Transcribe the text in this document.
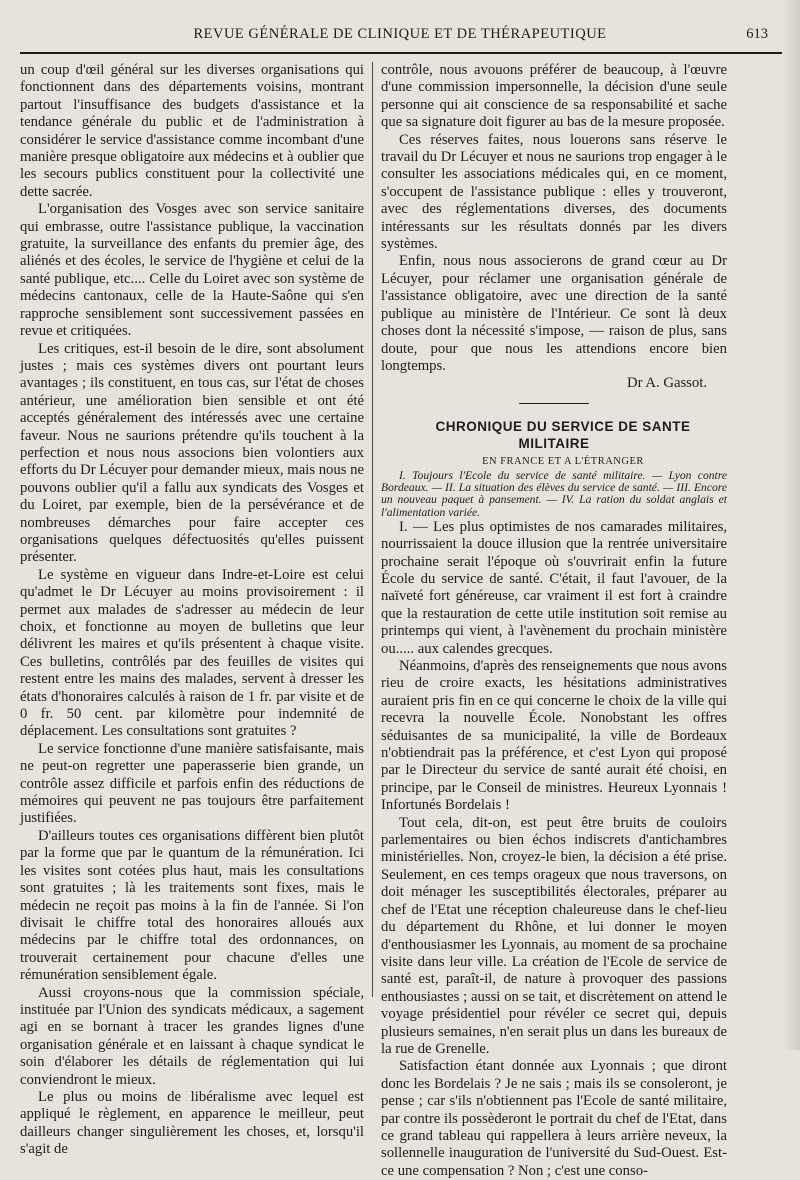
REVUE GÉNÉRALE DE CLINIQUE ET DE THÉRAPEUTIQUE	613

un coup d'œil général sur les diverses organisations qui fonctionnent dans des départements voisins, montrant partout l'insuffisance des budgets d'assistance et la tendance générale du public et de l'administration à considérer le service d'assistance comme incombant d'une manière presque obligatoire aux médecins et à oublier que les secours publics constituent pour la collectivité une dette sacrée.

L'organisation des Vosges avec son service sanitaire qui embrasse, outre l'assistance publique, la vaccination gratuite, la surveillance des enfants du premier âge, des aliénés et des écoles, le service de l'hygiène et celui de la santé publique, etc.... Celle du Loiret avec son système de médecins cantonaux, celle de la Haute-Saône qui s'en rapproche sensiblement sont successivement passées en revue et critiquées.

Les critiques, est-il besoin de le dire, sont absolument justes ; mais ces systèmes divers ont pourtant leurs avantages ; ils constituent, en tous cas, sur l'état de choses antérieur, une amélioration bien sensible et ont été acceptés généralement des intéressés avec une certaine faveur. Nous ne saurions prétendre qu'ils touchent à la perfection et nous nous associons bien volontiers aux efforts du Dr Lécuyer pour demander mieux, mais nous ne pouvons oublier qu'il a fallu aux syndicats des Vosges et du Loiret, par exemple, bien de la persévérance et de nombreuses démarches pour faire accepter ces organisations quelques défectuosités qu'elles puissent présenter.

Le système en vigueur dans Indre-et-Loire est celui qu'admet le Dr Lécuyer au moins provisoirement : il permet aux malades de s'adresser au médecin de leur choix, et fonctionne au moyen de bulletins que leur délivrent les maires et qu'ils présentent à chaque visite. Ces bulletins, contrôlés par des feuilles de visites qui restent entre les mains des malades, servent à dresser les états d'honoraires calculés à raison de 1 fr. par visite et de 0 fr. 50 cent. par kilomètre pour indemnité de déplacement. Les consultations sont gratuites ?

Le service fonctionne d'une manière satisfaisante, mais ne peut-on regretter une paperasserie bien grande, un contrôle assez difficile et parfois enfin des réductions de mémoires qui peuvent ne pas toujours être parfaitement justifiées.

D'ailleurs toutes ces organisations diffèrent bien plutôt par la forme que par le quantum de la rémunération. Ici les visites sont cotées plus haut, mais les consultations sont gratuites ; là les traitements sont fixes, mais le médecin ne reçoit pas moins à la fin de l'année. Si l'on divisait le chiffre total des honoraires alloués aux médecins par le chiffre total des ordonnances, on trouverait certainement pour chacune d'elles une rémunération sensiblement égale.

Aussi croyons-nous que la commission spéciale, instituée par l'Union des syndicats médicaux, a sagement agi en se bornant à tracer les grandes lignes d'une organisation générale et en laissant à chaque syndicat le soin d'élaborer les détails de réglementation qui lui conviendront le mieux.

Le plus ou moins de libéralisme avec lequel est appliqué le règlement, en apparence le meilleur, peut dailleurs changer singulièrement les choses, et, lorsqu'il s'agit de

contrôle, nous avouons préférer de beaucoup, à l'œuvre d'une commission impersonnelle, la décision d'une seule personne qui ait conscience de sa responsabilité et sache que sa signature doit figurer au bas de la mesure proposée.

Ces réserves faites, nous louerons sans réserve le travail du Dr Lécuyer et nous ne saurions trop engager à le consulter les associations médicales qui, en ce moment, s'occupent de l'assistance publique : elles y trouveront, avec des réglementations diverses, des documents intéressants sur les résultats donnés par les divers systèmes.

Enfin, nous nous associerons de grand cœur au Dr Lécuyer, pour réclamer une organisation générale de l'assistance obligatoire, avec une direction de la santé publique au ministère de l'Intérieur. Ce sont là deux choses dont la nécessité s'impose, — raison de plus, sans doute, pour que nous les attendions encore bien longtemps.

Dr A. Gassot.

CHRONIQUE DU SERVICE DE SANTE MILITAIRE

EN FRANCE ET A L'ÉTRANGER

I. Toujours l'Ecole du service de santé militaire. — Lyon contre Bordeaux. — II. La situation des élèves du service de santé. — III. Encore un nouveau paquet à pansement. — IV. La ration du soldat anglais et l'alimentation variée.

I. — Les plus optimistes de nos camarades militaires, nourrissaient la douce illusion que la rentrée universitaire prochaine serait l'époque où s'ouvrirait enfin la future École du service de santé. C'était, il faut l'avouer, de la naïveté fort généreuse, car vraiment il est fort à craindre que la restauration de cette utile institution soit remise au printemps qui vient, à l'avènement du prochain ministère ou..... aux calendes grecques.

Néanmoins, d'après des renseignements que nous avons rieu de croire exacts, les hésitations administratives auraient pris fin en ce qui concerne le choix de la ville qui recevra la nouvelle École. Nonobstant les offres séduisantes de sa municipalité, la ville de Bordeaux n'obtiendrait pas la préférence, et c'est Lyon qui proposé par le Directeur du service de santé aurait été choisi, en principe, par le Conseil de ministres. Heureux Lyonnais ! Infortunés Bordelais !

Tout cela, dit-on, est peut être bruits de couloirs parlementaires ou bien échos indiscrets d'antichambres ministérielles. Non, croyez-le bien, la décision a été prise. Seulement, en ces temps orageux que nous traversons, on doit ménager les susceptibilités électorales, préparer au chef de l'Etat une réception chaleureuse dans le chef-lieu du département du Rhône, et lui donner le moyen d'enthousiasmer les Lyonnais, au moment de sa prochaine visite dans leur ville. La création de l'Ecole de service de santé est, paraît-il, de nature à provoquer des passions enthousiastes ; aussi on se tait, et discrètement on attend le voyage présidentiel pour révéler ce secret qui, depuis plusieurs semaines, n'en serait plus un dans les bureaux de la rue de Grenelle.

Satisfaction étant donnée aux Lyonnais ; que diront donc les Bordelais ? Je ne sais ; mais ils se consoleront, je pense ; car s'ils n'obtiennent pas l'Ecole de santé militaire, par contre ils possèderont le portrait du chef de l'Etat, dans ce grand tableau qui rappellera à leurs arrière neveux, la sollennelle inauguration de l'université du Sud-Ouest. Est-ce une compensation ? Non ; c'est une conso-
